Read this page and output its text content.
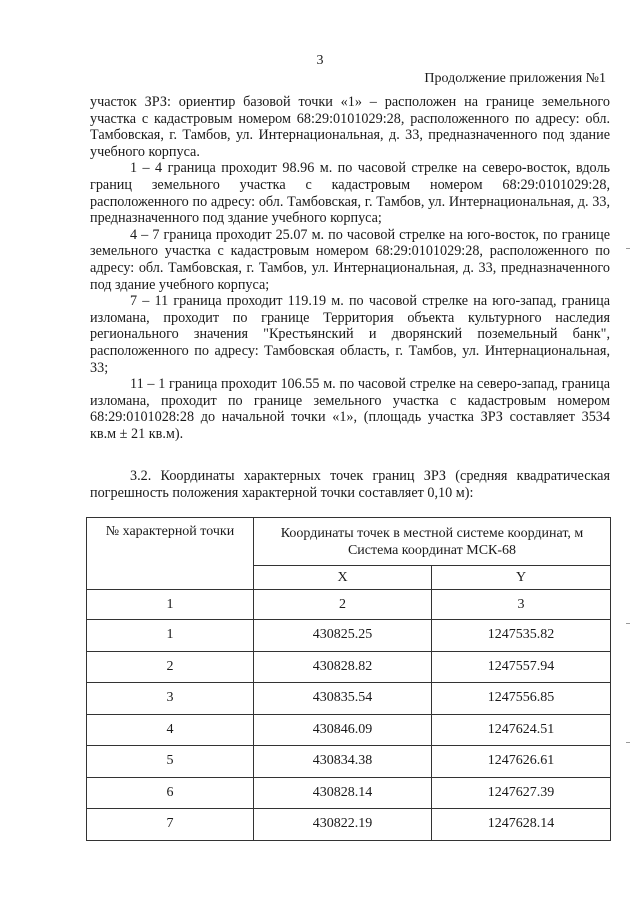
3
Продолжение приложения №1

участок ЗРЗ: ориентир базовой точки «1» – расположен на границе земельного участка с кадастровым номером 68:29:0101029:28, расположенного по адресу: обл. Тамбовская, г. Тамбов, ул. Интернациональная, д. 33, предназначенного под здание учебного корпуса.

1 – 4 граница проходит 98.96 м. по часовой стрелке на северо-восток, вдоль границ земельного участка с кадастровым номером 68:29:0101029:28, расположенного по адресу: обл. Тамбовская, г. Тамбов, ул. Интернациональная, д. 33, предназначенного под здание учебного корпуса;

4 – 7 граница проходит 25.07 м. по часовой стрелке на юго-восток, по границе земельного участка с кадастровым номером 68:29:0101029:28, расположенного по адресу: обл. Тамбовская, г. Тамбов, ул. Интернациональная, д. 33, предназначенного под здание учебного корпуса;

7 – 11 граница проходит 119.19 м. по часовой стрелке на юго-запад, граница изломана, проходит по границе Территория объекта культурного наследия регионального значения "Крестьянский и дворянский поземельный банк", расположенного по адресу: Тамбовская область, г. Тамбов, ул. Интернациональная, 33;

11 – 1 граница проходит 106.55 м. по часовой стрелке на северо-запад, граница изломана, проходит по границе земельного участка с кадастровым номером 68:29:0101028:28 до начальной точки «1», (площадь участка ЗРЗ составляет 3534 кв.м ± 21 кв.м).

3.2. Координаты характерных точек границ ЗРЗ (средняя квадратическая погрешность положения характерной точки составляет 0,10 м):

№ характерной точки	Координаты точек в местной системе координат, м
Система координат МСК-68	
	X	Y
1	2	3
1	430825.25	1247535.82
2	430828.82	1247557.94
3	430835.54	1247556.85
4	430846.09	1247624.51
5	430834.38	1247626.61
6	430828.14	1247627.39
7	430822.19	1247628.14
